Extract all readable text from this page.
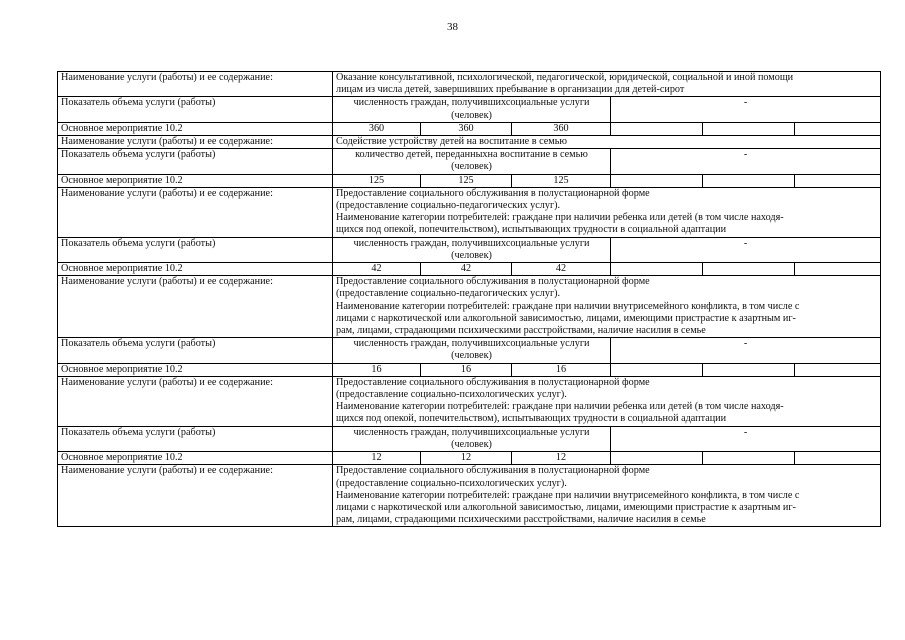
38
Наименование услуги (работы) и ее содержание:	Оказание консультативной, психологической, педагогической, юридической, социальной и иной помощи
лицам из числа детей, завершивших пребывание в организации для детей-сирот					

Показатель объема услуги (работы)	численность граждан, получившихсоциальные услуги (человек)			-		
Основное мероприятие 10.2	360	360	360			
Наименование услуги (работы) и ее содержание:	Содействие устройству детей на воспитание в семью					

Показатель объема услуги (работы)	количество детей, переданныхна воспитание в семью (человек)			-		
Основное мероприятие 10.2	125	125	125			
Наименование услуги (работы) и ее содержание:	Предоставление социального обслуживания в полустационарной форме
(предоставление социально-педагогических услуг).
Наименование категории потребителей: граждане при наличии ребенка или детей (в том числе находя-
щихся под опекой, попечительством), испытывающих трудности в социальной адаптации					

Показатель объема услуги (работы)	численность граждан, получившихсоциальные услуги (человек)			-		
Основное мероприятие 10.2	42	42	42			
Наименование услуги (работы) и ее содержание:	Предоставление социального обслуживания в полустационарной форме
(предоставление социально-педагогических услуг).
Наименование категории потребителей: граждане при наличии внутрисемейного конфликта, в том числе с
лицами с наркотической или алкогольной зависимостью, лицами, имеющими пристрастие к азартным иг-
рам, лицами, страдающими психическими расстройствами, наличие насилия в семье					

Показатель объема услуги (работы)	численность граждан, получившихсоциальные услуги (человек)			-		
Основное мероприятие 10.2	16	16	16			
Наименование услуги (работы) и ее содержание:	Предоставление социального обслуживания в полустационарной форме
(предоставление социально-психологических услуг).
Наименование категории потребителей: граждане при наличии ребенка или детей (в том числе находя-
щихся под опекой, попечительством), испытывающих трудности в социальной адаптации					

Показатель объема услуги (работы)	численность граждан, получившихсоциальные услуги (человек)			-		
Основное мероприятие 10.2	12	12	12			
Наименование услуги (работы) и ее содержание:	Предоставление социального обслуживания в полустационарной форме
(предоставление социально-психологических услуг).
Наименование категории потребителей: граждане при наличии внутрисемейного конфликта, в том числе с
лицами с наркотической или алкогольной зависимостью, лицами, имеющими пристрастие к азартным иг-
рам, лицами, страдающими психическими расстройствами, наличие насилия в семье					
